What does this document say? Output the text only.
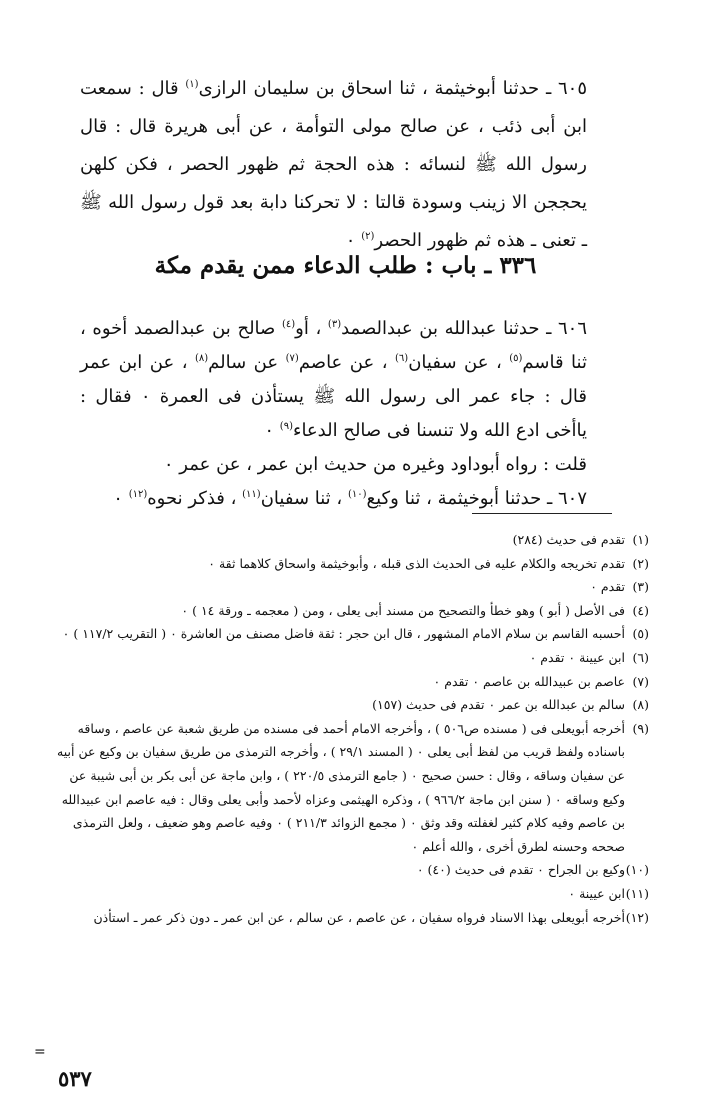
٦٠٥ ـ حدثنا أبوخيثمة ، ثنا اسحاق بن سليمان الرازى$^{(١)}$ قال : سمعت ابن أبى ذئب ، عن صالح مولى التوأمة ، عن أبى هريرة قال : قال رسول الله ﷺ لنسائه : هذه الحجة ثم ظهور الحصر ، فكن كلهن يحججن الا زينب وسودة قالتا : لا تحركنا دابة بعد قول رسول الله ﷺ ـ تعنى ـ هذه ثم ظهور الحصر$^{(٢)}$ ٠

٣٣٦ ـ باب : طلب الدعاء ممن يقدم مكة

٦٠٦ ـ حدثنا عبدالله بن عبدالصمد$^{(٣)}$ ، أو$^{(٤)}$ صالح بن عبدالصمد أخوه ، ثنا قاسم$^{(٥)}$ ، عن سفيان$^{(٦)}$ ، عن عاصم$^{(٧)}$ عن سالم$^{(٨)}$ ، عن ابن عمر قال : جاء عمر الى رسول الله ﷺ يستأذن فى العمرة ٠ فقال : ياأخى ادع الله ولا تنسنا فى صالح الدعاء$^{(٩)}$ ٠

قلت : رواه أبوداود وغيره من حديث ابن عمر ، عن عمر ٠

٦٠٧ ـ حدثنا أبوخيثمة ، ثنا وكيع$^{(١٠)}$ ، ثنا سفيان$^{(١١)}$ ، فذكر نحوه$^{(١٢)}$ ٠

(١)تقدم فى حديث (٢٨٤)

(٢)تقدم تخريجه والكلام عليه فى الحديث الذى قبله ، وأبوخيثمة واسحاق كلاهما ثقة ٠

(٣)تقدم ٠

(٤)فى الأصل ( أبو ) وهو خطأ والتصحيح من مسند أبى يعلى ، ومن ( معجمه ـ ورقة ١٤ ) ٠

(٥)أحسبه القاسم بن سلام الامام المشهور ، قال ابن حجر : ثقة فاضل مصنف من العاشرة ٠ ( التقريب ١١٧/٢ ) ٠

(٦)ابن عيينة ٠ تقدم ٠

(٧)عاصم بن عبيدالله بن عاصم ٠ تقدم ٠

(٨)سالم بن عبدالله بن عمر ٠ تقدم فى حديث (١٥٧)

(٩)أخرجه أبويعلى فى ( مسنده ص٥٠٦ ) ، وأخرجه الامام أحمد فى مسنده من طريق شعبة عن عاصم ، وساقه باسناده ولفظ قريب من لفظ أبى يعلى ٠ ( المسند ٢٩/١ ) ، وأخرجه الترمذى من طريق سفيان بن وكيع عن أبيه عن سفيان وساقه ، وقال : حسن صحيح ٠ ( جامع الترمذى ٢٢٠/٥ ) ، وابن ماجة عن أبى بكر بن أبى شيبة عن وكيع وساقه ٠ ( سنن ابن ماجة ٩٦٦/٢ ) ، وذكره الهيثمى وعزاه لأحمد وأبى يعلى وقال : فيه عاصم ابن عبيدالله بن عاصم وفيه كلام كثير لغفلته وقد وثق ٠ ( مجمع الزوائد ٢١١/٣ ) ٠ وفيه عاصم وهو ضعيف ، ولعل الترمذى صححه وحسنه لطرق أخرى ، والله أعلم ٠

(١٠)وكيع بن الجراح ٠ تقدم فى حديث (٤٠) ٠

(١١)ابن عيينة ٠

(١٢)أخرجه أبويعلى بهذا الاسناد فرواه سفيان ، عن عاصم ، عن سالم ، عن ابن عمر ـ دون ذكر عمر ـ استأذن

=
٥٣٧
